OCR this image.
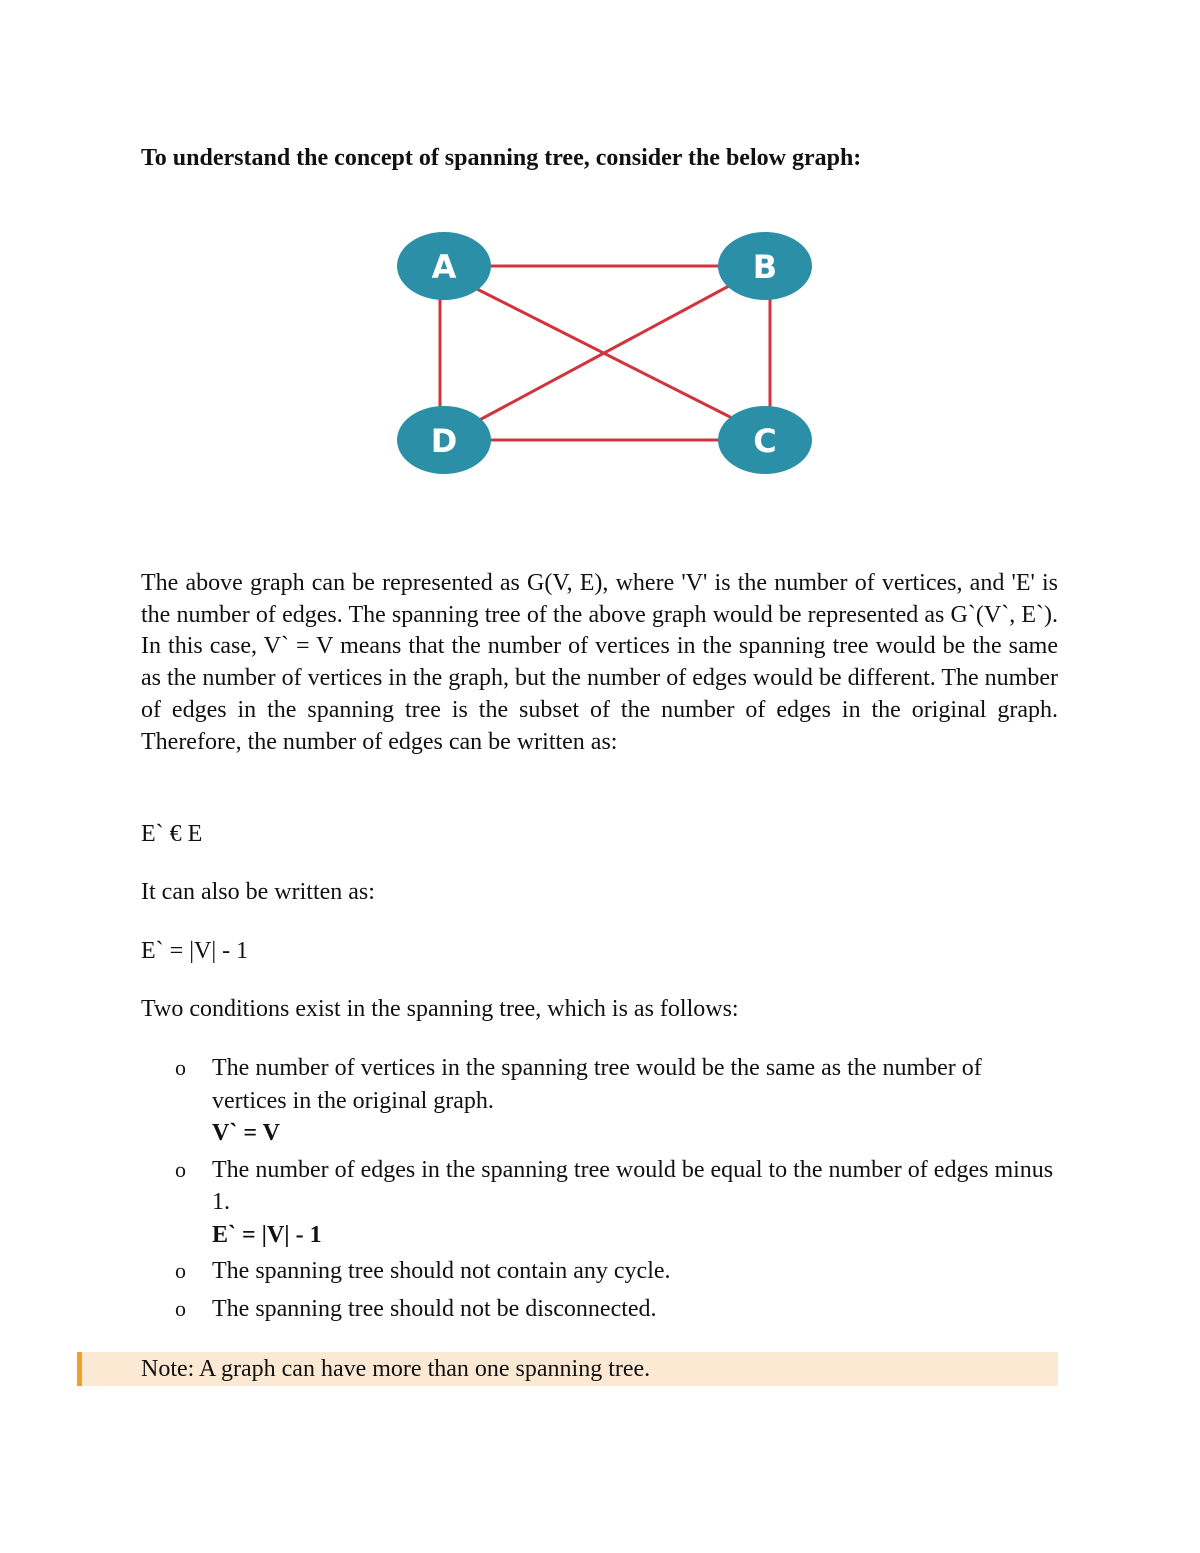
To understand the concept of spanning tree, consider the below graph:

A	B
D	C

The above graph can be represented as G(V, E), where 'V' is the number of vertices, and 'E' is the number of edges. The spanning tree of the above graph would be represented as G`(V`, E`). In this case, V` = V means that the number of vertices in the spanning tree would be the same as the number of vertices in the graph, but the number of edges would be different. The number of edges in the spanning tree is the subset of the number of edges in the original graph. Therefore, the number of edges can be written as:

E` € E

It can also be written as:

E` = |V| - 1

Two conditions exist in the spanning tree, which is as follows:

o The number of vertices in the spanning tree would be the same as the number of vertices in the original graph.
V` = V
o The number of edges in the spanning tree would be equal to the number of edges minus 1.
E` = |V| - 1
o The spanning tree should not contain any cycle.
o The spanning tree should not be disconnected.
Note: A graph can have more than one spanning tree.
